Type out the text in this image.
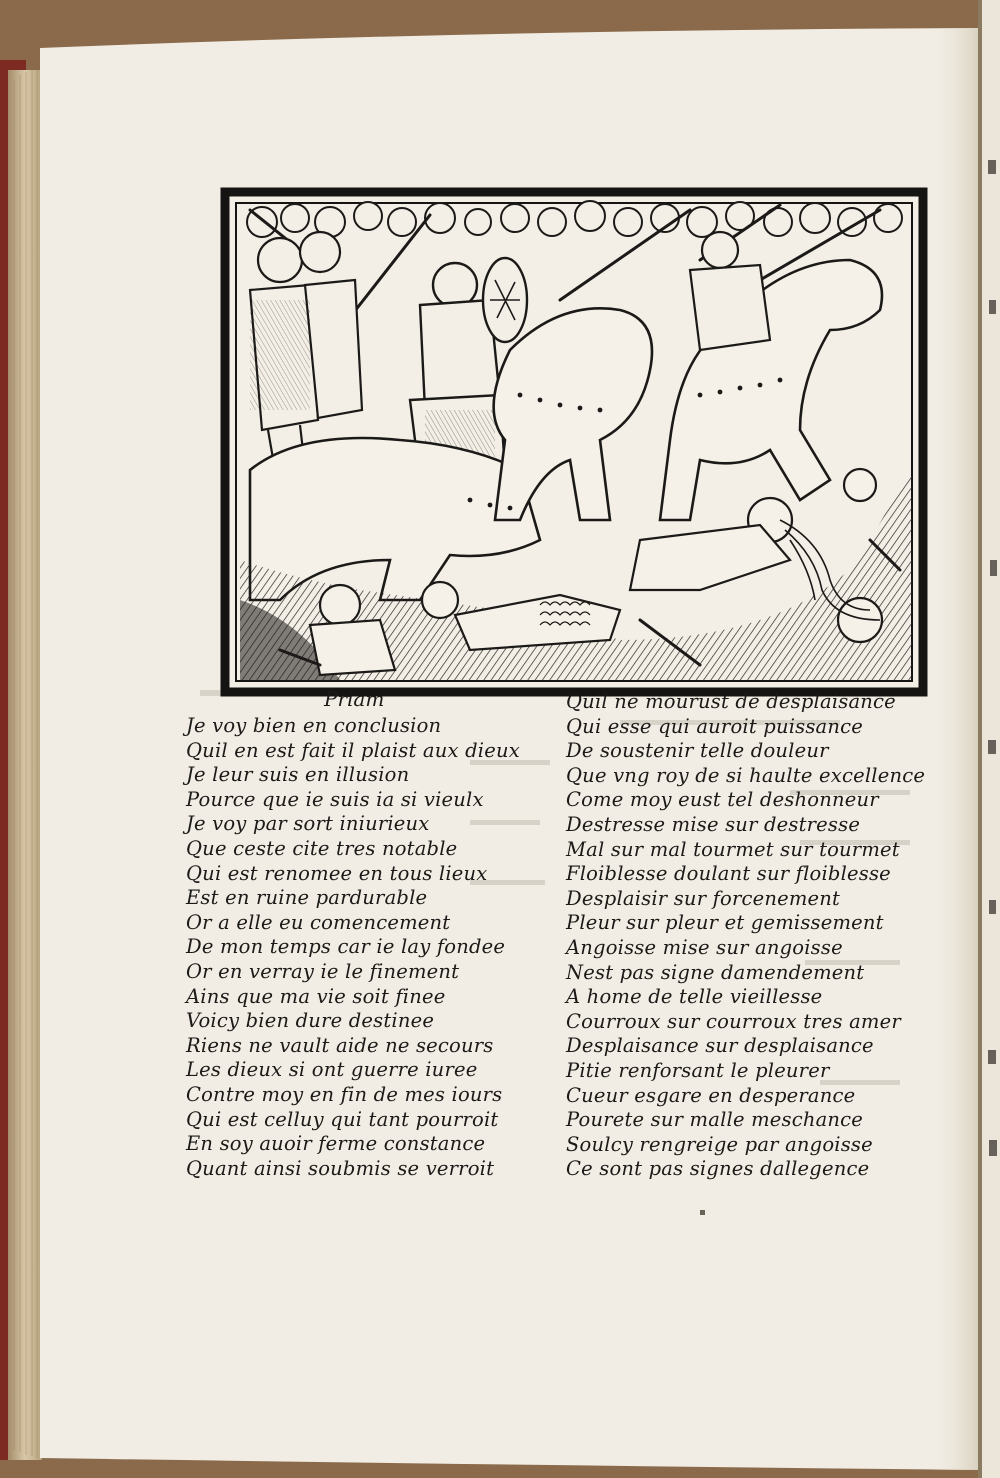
Priam
Je voy bien en conclusion
Quil en est fait il plaist aux dieux
Je leur suis en illusion
Pource que ie suis ia si vieulx
Je voy par sort iniurieux
Que ceste cite tres notable
Qui est renomee en tous lieux
Est en ruine pardurable
Or a elle eu comencement
De mon temps car ie lay fondee
Or en verray ie le finement
Ains que ma vie soit finee
Voicy bien dure destinee
Riens ne vault aide ne secours
Les dieux si ont guerre iuree
Contre moy en fin de mes iours
Qui est celluy qui tant pourroit
En soy auoir ferme constance
Quant ainsi soubmis se verroit
Quil ne mourust de desplaisance
Qui esse qui auroit puissance
De soustenir telle douleur
Que vng roy de si haulte excellence
Come moy eust tel deshonneur
Destresse mise sur destresse
Mal sur mal tourmet sur tourmet
Floiblesse doulant sur floiblesse
Desplaisir sur forcenement
Pleur sur pleur et gemissement
Angoisse mise sur angoisse
Nest pas signe damendement
A home de telle vieillesse
Courroux sur courroux tres amer
Desplaisance sur desplaisance
Pitie renforsant le pleurer
Cueur esgare en desperance
Pourete sur malle meschance
Soulcy rengreige par angoisse
Ce sont pas signes dallegence
